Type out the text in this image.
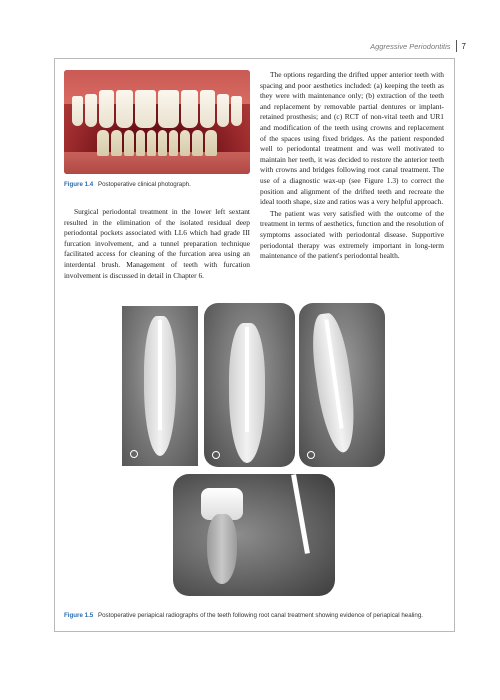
Aggressive Periodontitis 7
Figure 1.4 Postoperative clinical photograph.

Surgical periodontal treatment in the lower left sextant resulted in the elimination of the isolated residual deep periodontal pockets associated with LL6 which had grade III furcation involvement, and a tunnel preparation technique facilitated access for cleaning of the furcation area using an interdental brush. Management of teeth with furcation involvement is discussed in detail in Chapter 6.

The options regarding the drifted upper anterior teeth with spacing and poor aesthetics included: (a) keeping the teeth as they were with maintenance only; (b) extraction of the teeth and replacement by removable partial dentures or implant-retained prosthesis; and (c) RCT of non-vital teeth and UR1 and modification of the teeth using crowns and replacement of the spaces using fixed bridges. As the patient responded well to periodontal treatment and was well motivated to maintain her teeth, it was decided to restore the anterior teeth with crowns and bridges following root canal treatment. The use of a diagnostic wax-up (see Figure 1.3) to correct the position and alignment of the drifted teeth and recreate the ideal tooth shape, size and ratios was a very helpful approach.

The patient was very satisfied with the outcome of the treatment in terms of aesthetics, function and the resolution of symptoms associated with periodontal disease. Supportive periodontal therapy was extremely important in long-term maintenance of the patient's periodontal health.

Figure 1.5 Postoperative periapical radiographs of the teeth following root canal treatment showing evidence of periapical healing.
